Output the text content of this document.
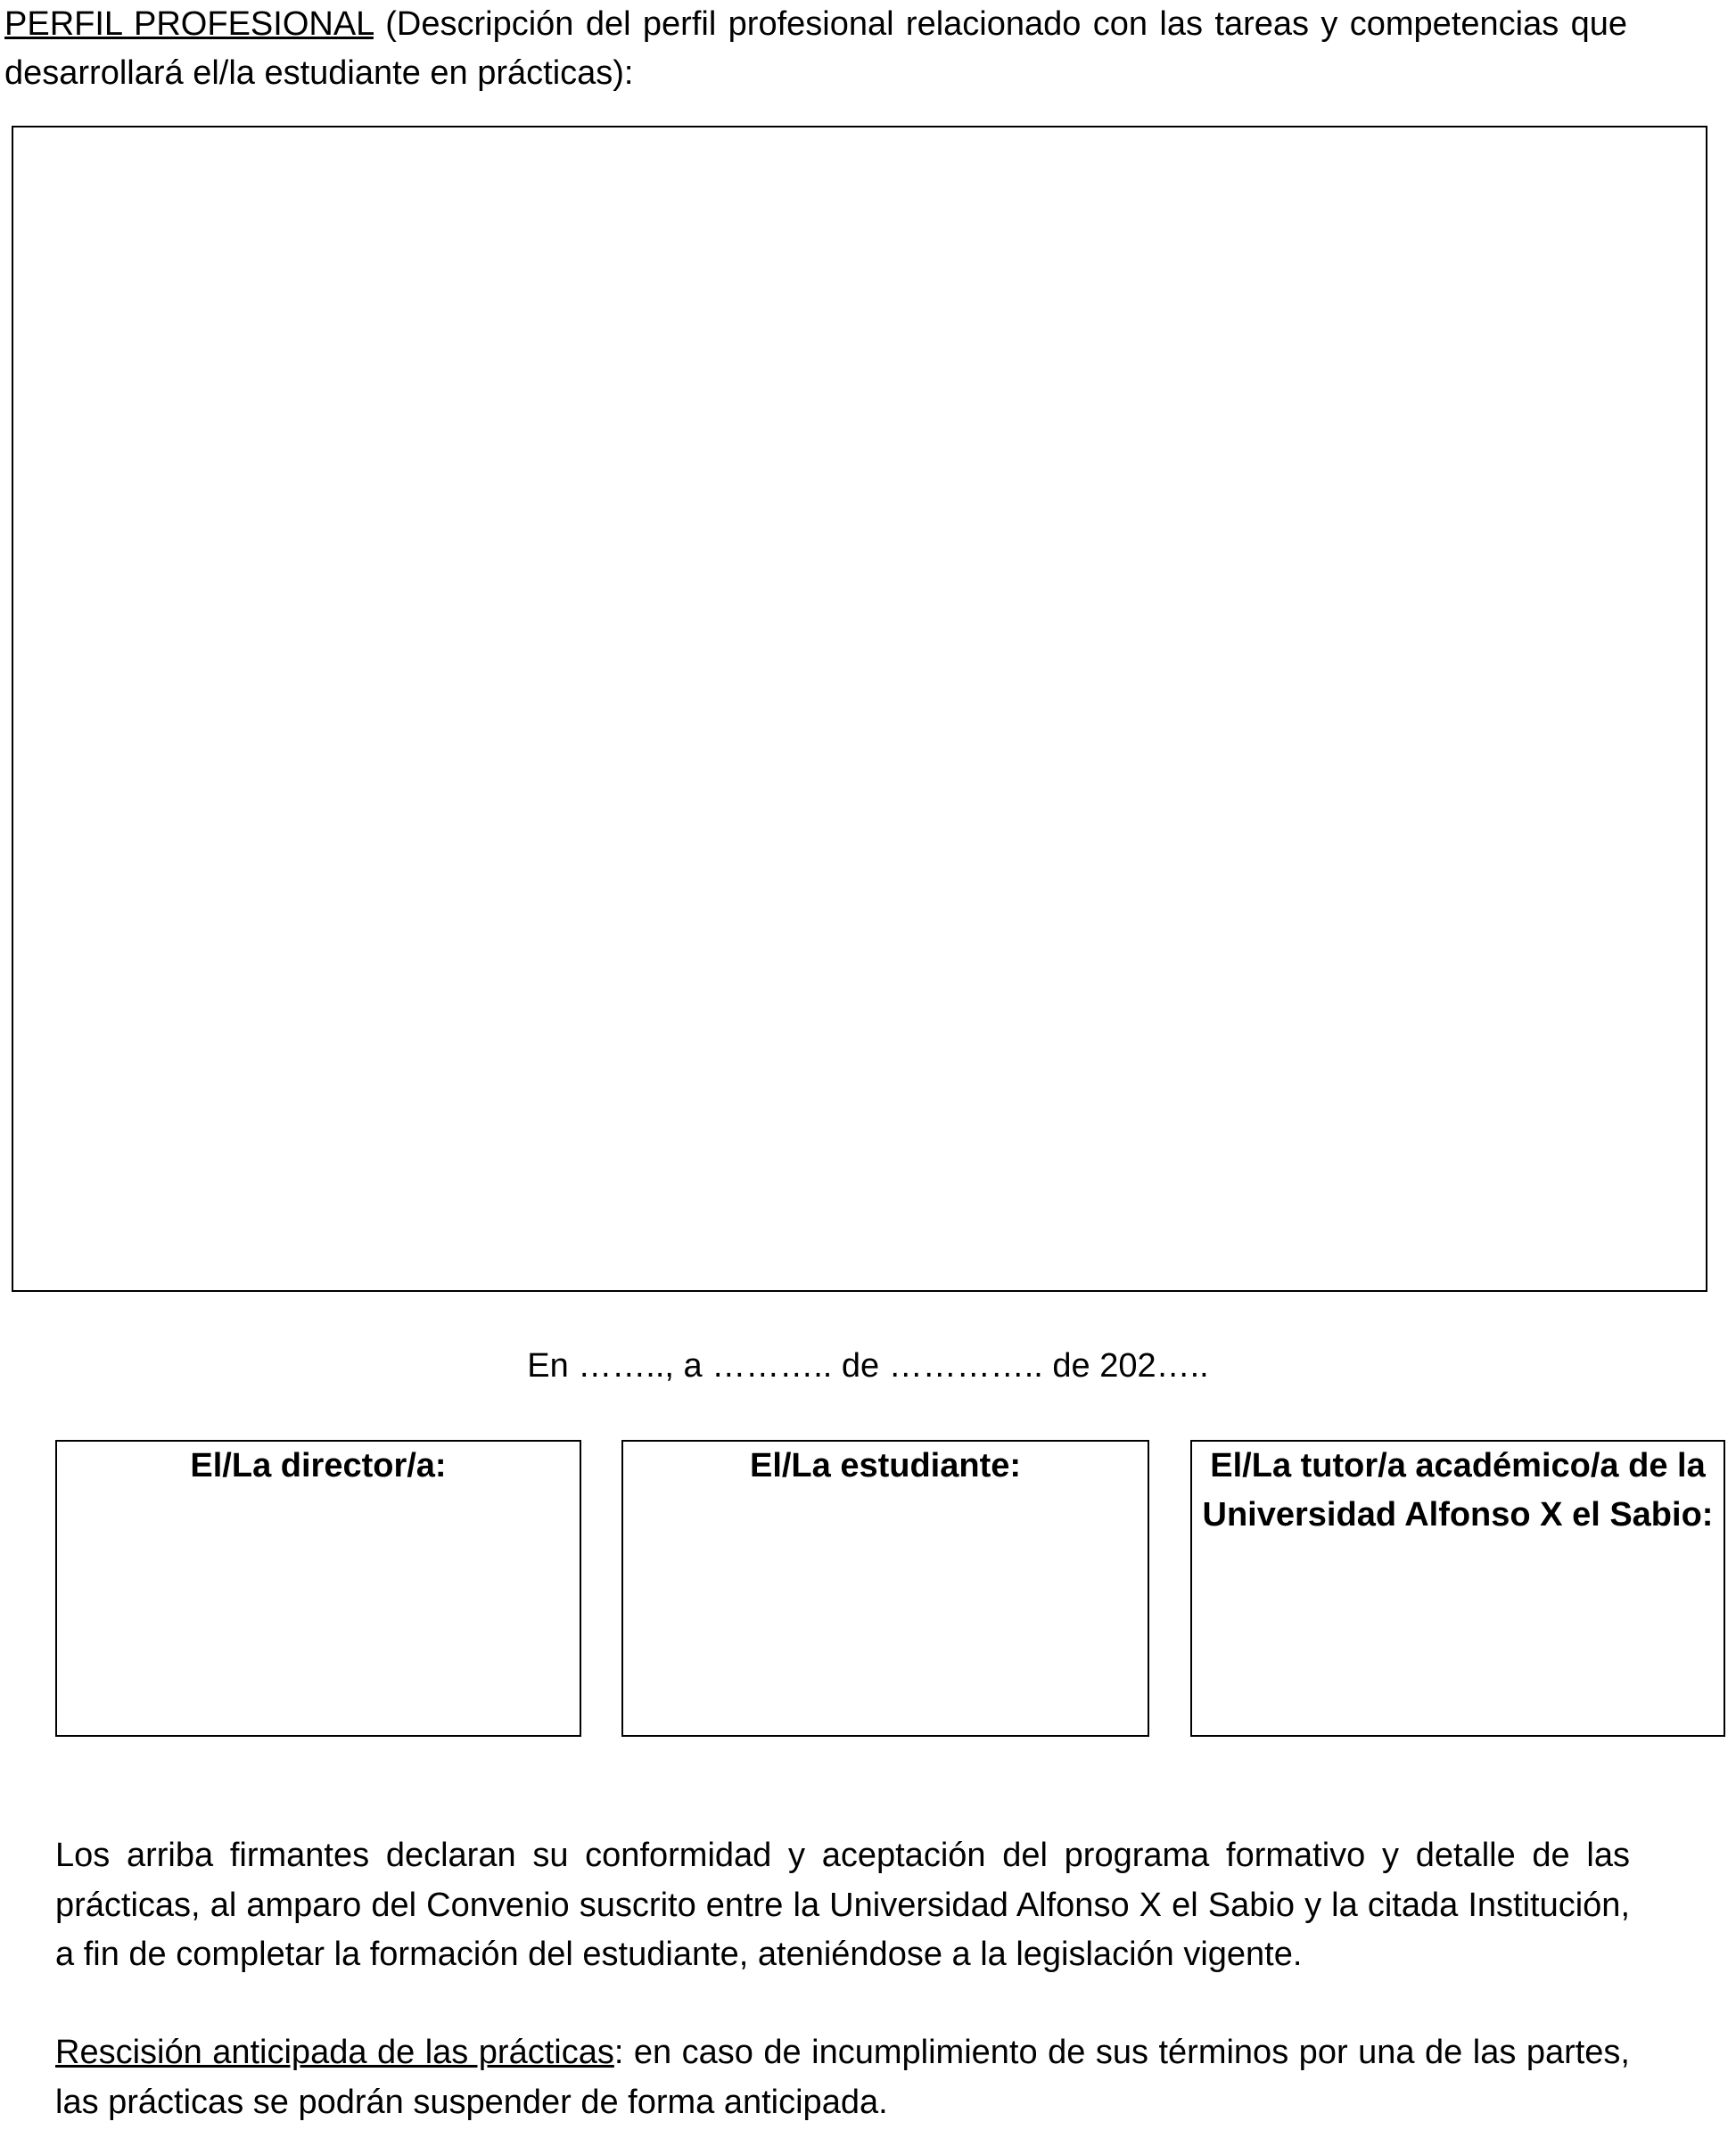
PERFIL PROFESIONAL (Descripción del perfil profesional relacionado con las tareas y competencias que desarrollará el/la estudiante en prácticas):
En …….., a ……….. de ………….. de 202…..
El/La director/a:	El/La estudiante:	El/La tutor/a académico/a de la Universidad Alfonso X el Sabio:
Los arriba firmantes declaran su conformidad y aceptación del programa formativo y detalle de las prácticas, al amparo del Convenio suscrito entre la Universidad Alfonso X el Sabio y la citada Institución, a fin de completar la formación del estudiante, ateniéndose a la legislación vigente.
Rescisión anticipada de las prácticas: en caso de incumplimiento de sus términos por una de las partes, las prácticas se podrán suspender de forma anticipada.
